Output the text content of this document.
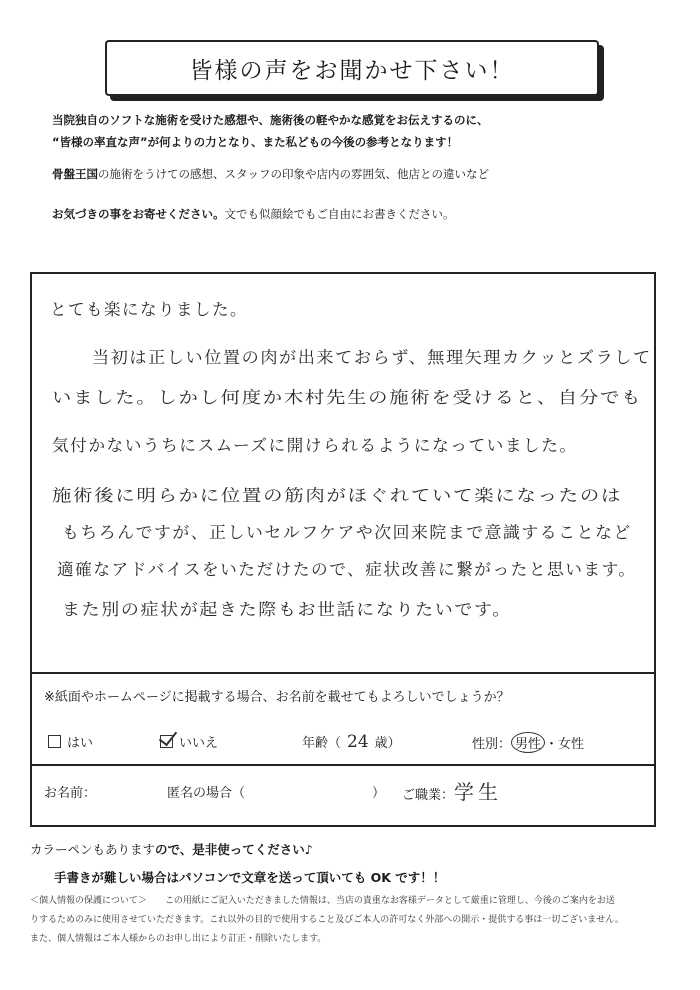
皆様の声をお聞かせ下さい！
当院独自のソフトな施術を受けた感想や、施術後の軽やかな感覚をお伝えするのに、
“皆様の率直な声”が何よりの力となり、また私どもの今後の参考となります！
骨盤王国の施術をうけての感想、スタッフの印象や店内の雰囲気、他店との違いなど
お気づきの事をお寄せください。文でも似顔絵でもご自由にお書きください。
とても楽になりました。
当初は正しい位置の肉が出来ておらず、無理矢理カクッとズラして
いました。しかし何度か木村先生の施術を受けると、自分でも
気付かないうちにスムーズに開けられるようになっていました。
施術後に明らかに位置の筋肉がほぐれていて楽になったのは
もちろんですが、正しいセルフケアや次回来院まで意識することなど
適確なアドバイスをいただけたので、症状改善に繋がったと思います。
また別の症状が起きた際もお世話になりたいです。
※紙面やホームページに掲載する場合、お名前を載せてもよろしいでしょうか？
はい	いいえ	年齢（ 24 歳）	性別： 男性 ・女性
お名前：	匿名の場合（	） ご職業：学生
カラーペンもありますので、是非使ってください♪
手書きが難しい場合はパソコンで文章を送って頂いても OK です！！
＜個人情報の保護について＞　　この用紙にご記入いただきました情報は、当店の貴重なお客様データとして厳重に管理し、今後のご案内をお送
りするためのみに使用させていただきます。これ以外の目的で使用すること及びご本人の許可なく外部への開示・提供する事は一切ございません。
また、個人情報はご本人様からのお申し出により訂正・削除いたします。
